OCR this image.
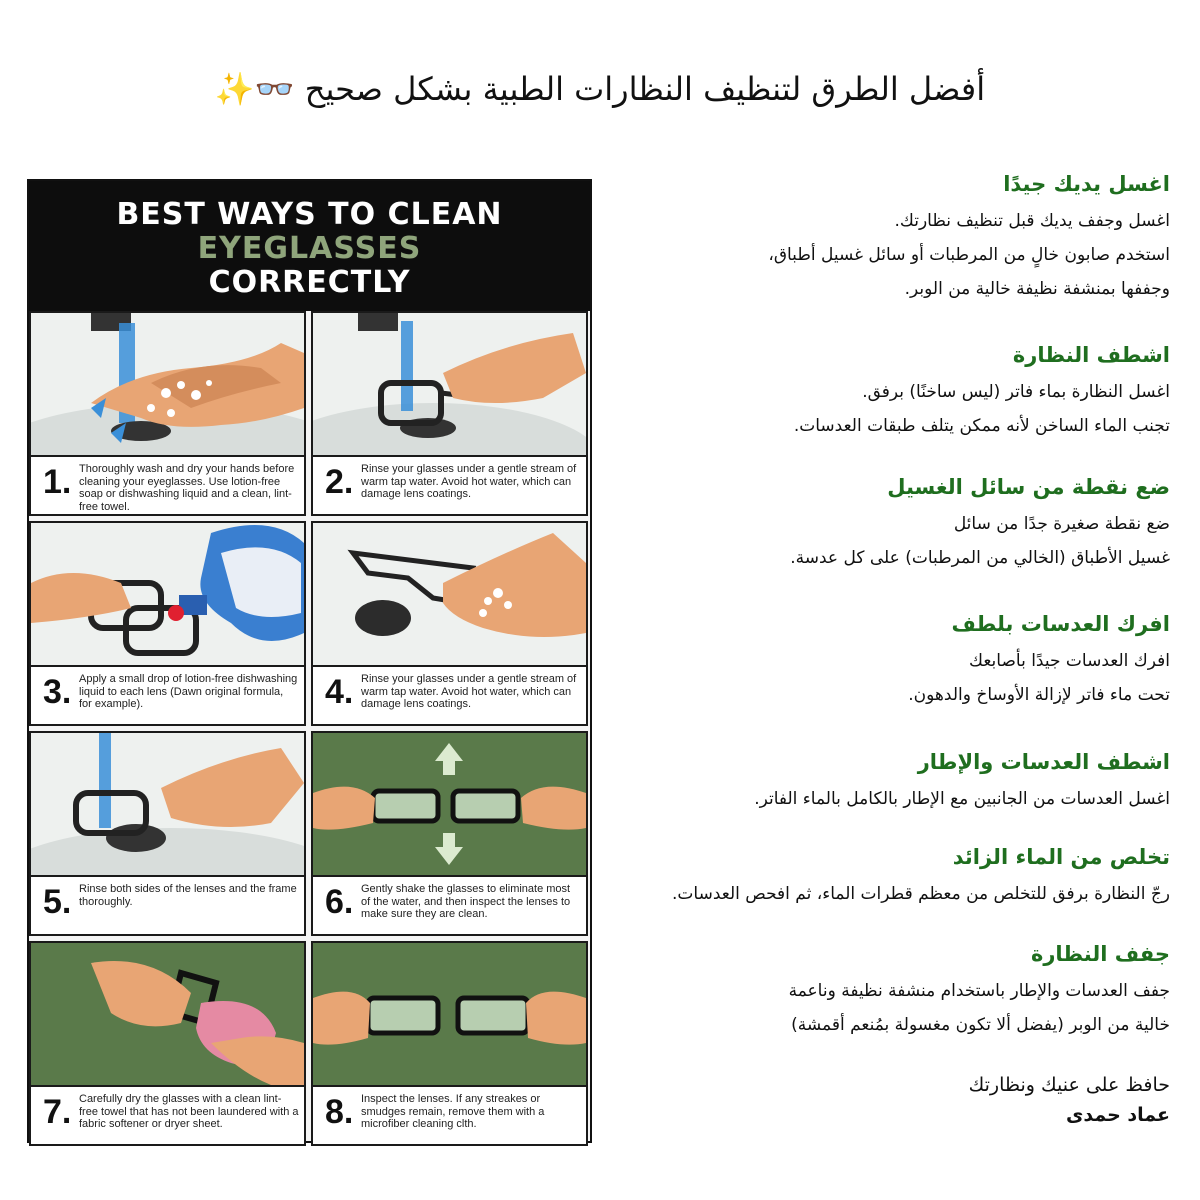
أفضل الطرق لتنظيف النظارات الطبية بشكل صحيح 👓✨
BEST WAYS TO CLEAN
EYEGLASSES
CORRECTLY
1. Thoroughly wash and dry your hands before cleaning your eyeglasses. Use lotion-free soap or dishwashing liquid and a clean, lint-free towel.
2. Rinse your glasses under a gentle stream of warm tap water. Avoid hot water, which can damage lens coatings.
3. Apply a small drop of lotion-free dishwashing liquid to each lens (Dawn original formula, for example).	4. Rinse your glasses under a gentle stream of warm tap water. Avoid hot water, which can damage lens coatings.
5. Rinse both sides of the lenses and the frame thoroughly.	6. Gently shake the glasses to eliminate most of the water, and then inspect the lenses to make sure they are clean.
7. Carefully dry the glasses with a clean lint-free towel that has not been laundered with a fabric softener or dryer sheet.	8. Inspect the lenses. If any streakes or smudges remain, remove them with a microfiber cleaning clth.
اغسل يديك جيدًا
اغسل وجفف يديك قبل تنظيف نظارتك.
استخدم صابون خالٍ من المرطبات أو سائل غسيل أطباق،
وجففها بمنشفة نظيفة خالية من الوبر.
اشطف النظارة
اغسل النظارة بماء فاتر (ليس ساخنًا) برفق.
تجنب الماء الساخن لأنه ممكن يتلف طبقات العدسات.
ضع نقطة من سائل الغسيل
ضع نقطة صغيرة جدًا من سائل
غسيل الأطباق (الخالي من المرطبات) على كل عدسة.
افرك العدسات بلطف
افرك العدسات جيدًا بأصابعك
تحت ماء فاتر لإزالة الأوساخ والدهون.
اشطف العدسات والإطار
اغسل العدسات من الجانبين مع الإطار بالكامل بالماء الفاتر.
تخلص من الماء الزائد
رجّ النظارة برفق للتخلص من معظم قطرات الماء، ثم افحص العدسات.
جفف النظارة
جفف العدسات والإطار باستخدام منشفة نظيفة وناعمة
خالية من الوبر (يفضل ألا تكون مغسولة بمُنعم أقمشة)
حافظ على عنيك ونظارتك
عماد حمدى
